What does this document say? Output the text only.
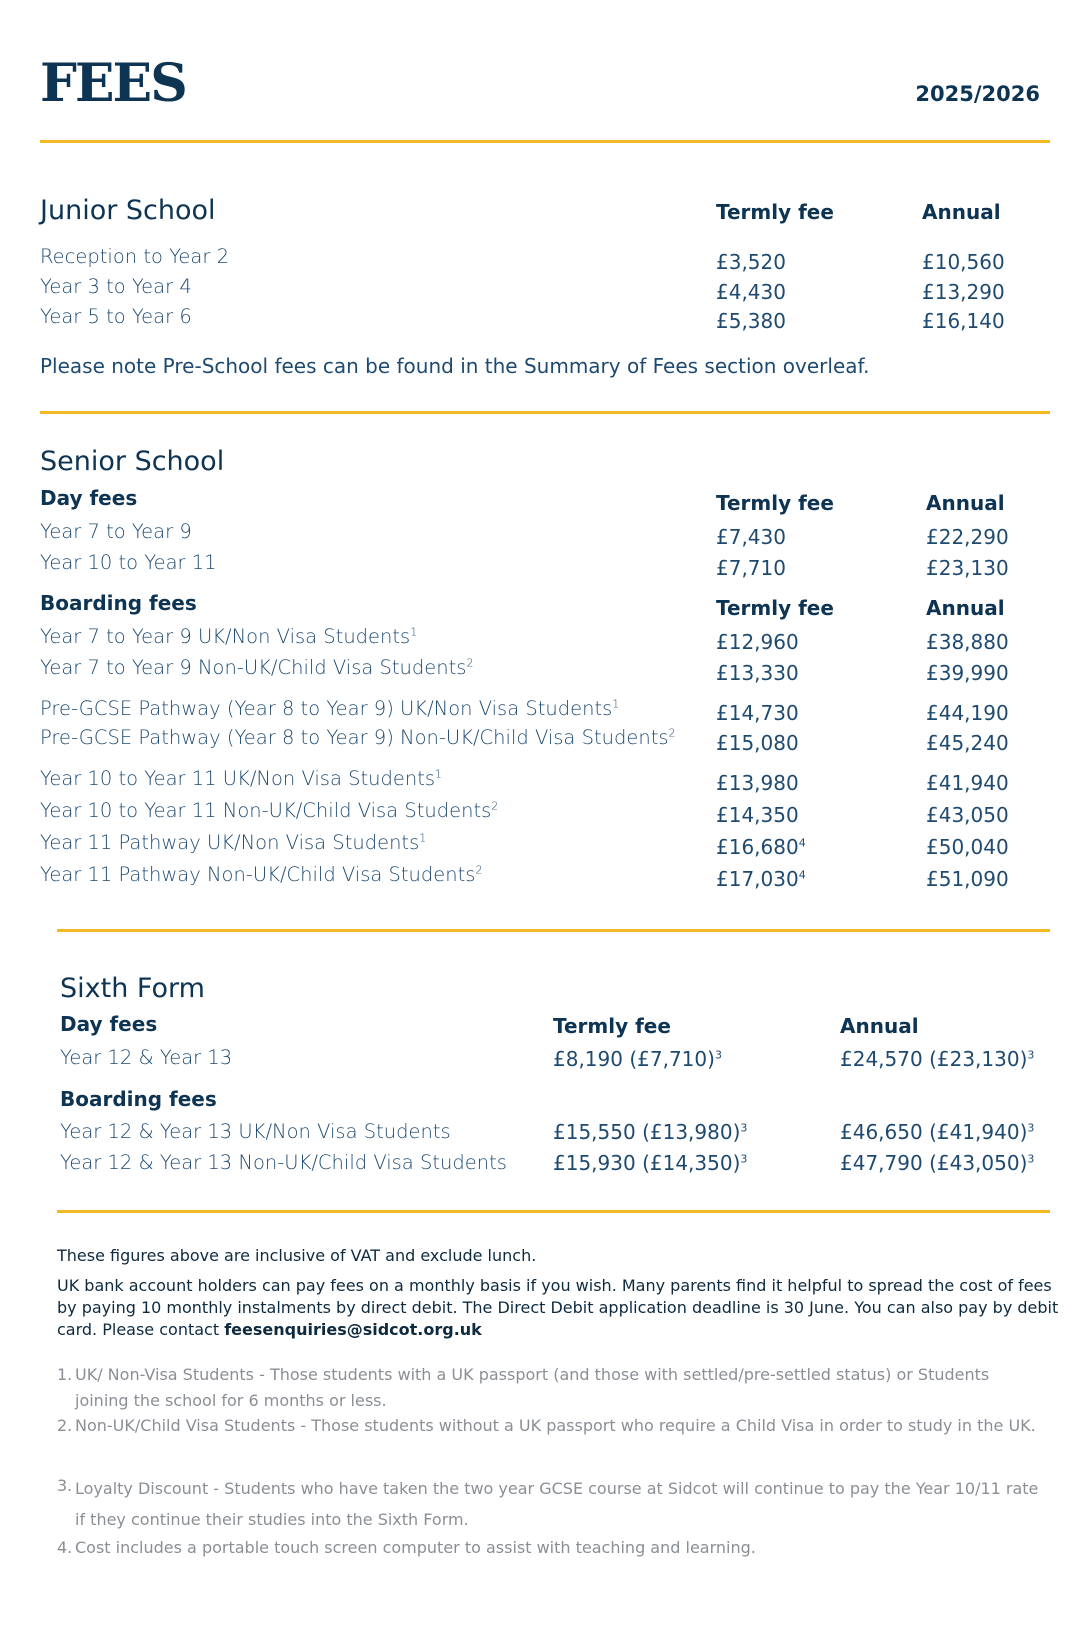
FEES	2025/2026
Junior School	Termly fee	Annual
Reception to Year 2	£3,520	£10,560
Year 3 to Year 4	£4,430	£13,290
Year 5 to Year 6	£5,380	£16,140
Please note Pre-School fees can be found in the Summary of Fees section overleaf.
Senior School
Day fees	Termly fee	Annual
Year 7 to Year 9	£7,430	£22,290
Year 10 to Year 11	£7,710	£23,130
Boarding fees	Termly fee	Annual
Year 7 to Year 9 UK/Non Visa Students$^1$	£12,960	£38,880
Year 7 to Year 9 Non-UK/Child Visa Students$^2$	£13,330	£39,990
Pre-GCSE Pathway (Year 8 to Year 9) UK/Non Visa Students$^1$	£14,730	£44,190
Pre-GCSE Pathway (Year 8 to Year 9) Non-UK/Child Visa Students$^2$ £15,080	£45,240
Year 10 to Year 11 UK/Non Visa Students$^1$	£13,980	£41,940
Year 10 to Year 11 Non-UK/Child Visa Students$^2$	£14,350	£43,050
Year 11 Pathway UK/Non Visa Students$^1$	£16,680$^4$	£50,040
Year 11 Pathway Non-UK/Child Visa Students$^2$	£17,030$^4$	£51,090
Sixth Form
Day fees	Termly fee	Annual
Year 12 & Year 13	£8,190 (£7,710)$^3$	£24,570 (£23,130)$^3$
Boarding fees
Year 12 & Year 13 UK/Non Visa Students	£15,550 (£13,980)$^3$	£46,650 (£41,940)$^3$
Year 12 & Year 13 Non-UK/Child Visa Students £15,930 (£14,350)$^3$	£47,790 (£43,050)$^3$
These figures above are inclusive of VAT and exclude lunch.
UK bank account holders can pay fees on a monthly basis if you wish. Many parents find it helpful to spread the cost of fees by paying 10 monthly instalments by direct debit. The Direct Debit application deadline is 30 June. You can also pay by debit card. Please contact feesenquiries@sidcot.org.uk
1. UK/ Non-Visa Students - Those students with a UK passport (and those with settled/pre-settled status) or Students joining the school for 6 months or less.
2. Non-UK/Child Visa Students - Those students without a UK passport who require a Child Visa in order to study in the UK.
3. Loyalty Discount - Students who have taken the two year GCSE course at Sidcot will continue to pay the Year 10/11 rate if they continue their studies into the Sixth Form.
4. Cost includes a portable touch screen computer to assist with teaching and learning.
